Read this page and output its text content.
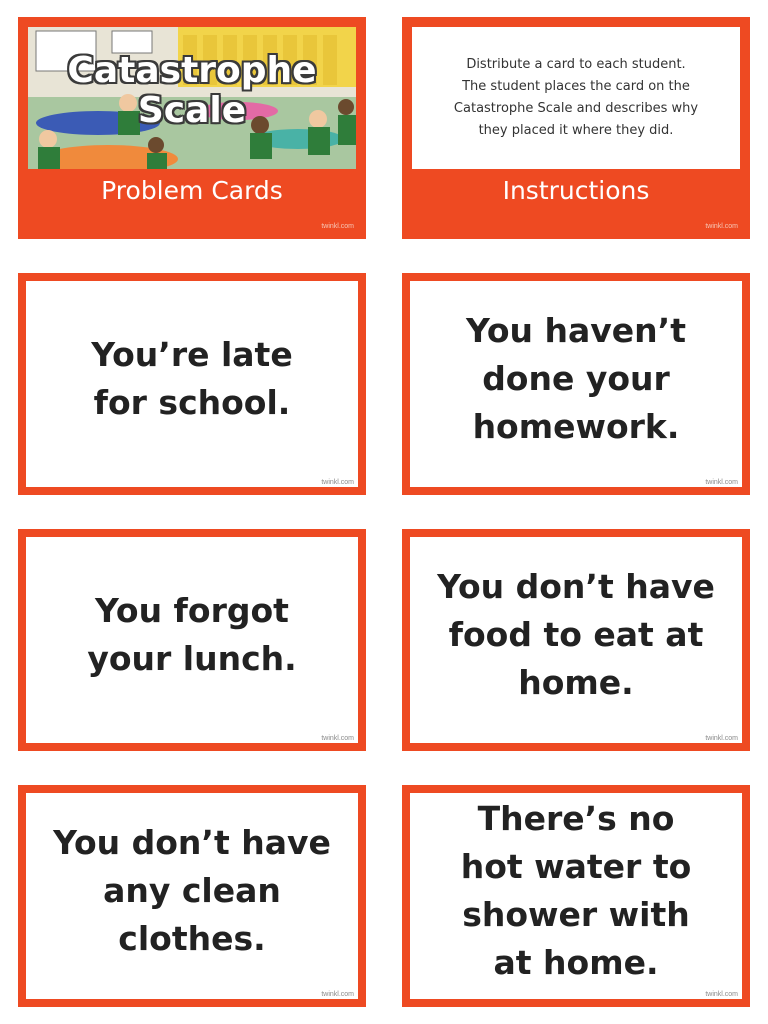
Catastrophe
Scale
Problem Cards
twinkl.com
Distribute a card to each student.
The student places the card on the
Catastrophe Scale and describes why
they placed it where they did.
Instructions
twinkl.com
You’re late
for school.
twinkl.com
You haven’t
done your
homework.
twinkl.com
You forgot
your lunch.
twinkl.com
You don’t have
food to eat at
home.
twinkl.com
You don’t have
any clean
clothes.
twinkl.com
There’s no
hot water to
shower with
at home.
twinkl.com
